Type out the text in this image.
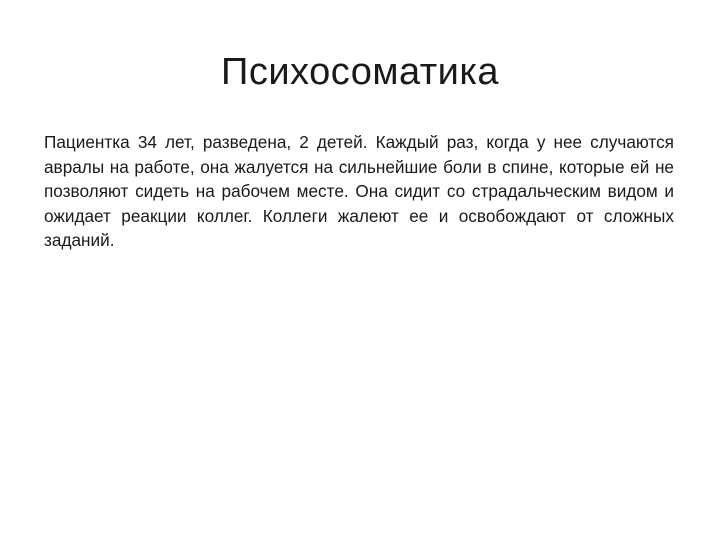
Психосоматика

Пациентка 34 лет, разведена, 2 детей. Каждый раз, когда у нее случаются авралы на работе, она жалуется на сильнейшие боли в спине, которые ей не позволяют сидеть на рабочем месте. Она сидит со страдальческим видом и ожидает реакции коллег. Коллеги жалеют ее и освобождают от сложных заданий.
